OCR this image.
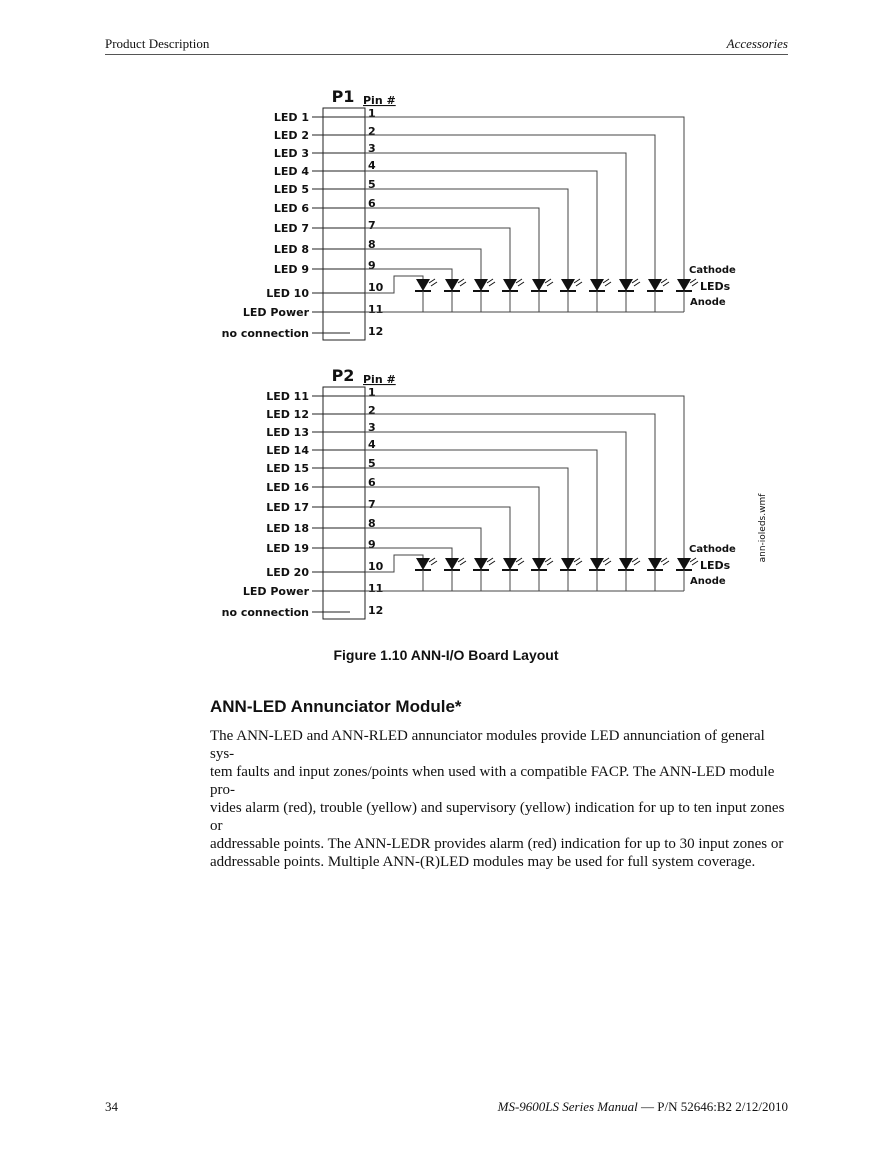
Product Description	Accessories
P1 Pin #
LED 1	1
LED 2	2
LED 3	3
LED 4	4
LED 5	5
LED 6	6
LED 7	7
LED 8	8
LED 9	9
LED 10	10
LED Power	11
no connection	12
Cathode
LEDs
Anode
P2 Pin #
LED 11	1
LED 12	2
LED 13	3
LED 14	4
LED 15	5
LED 16	6
LED 17	7
LED 18	8
LED 19	9
LED 20	10
LED Power	11
no connection	12
Cathode
LEDs
Anode
ann-ioleds.wmf
Figure 1.10 ANN-I/O Board Layout
ANN-LED Annunciator Module*

The ANN-LED and ANN-RLED annunciator modules provide LED annunciation of general sys-
tem faults and input zones/points when used with a compatible FACP. The ANN-LED module pro-
vides alarm (red), trouble (yellow) and supervisory (yellow) indication for up to ten input zones or
addressable points. The ANN-LEDR provides alarm (red) indication for up to 30 input zones or
addressable points. Multiple ANN-(R)LED modules may be used for full system coverage.

34	MS-9600LS Series Manual — P/N 52646:B2 2/12/2010
